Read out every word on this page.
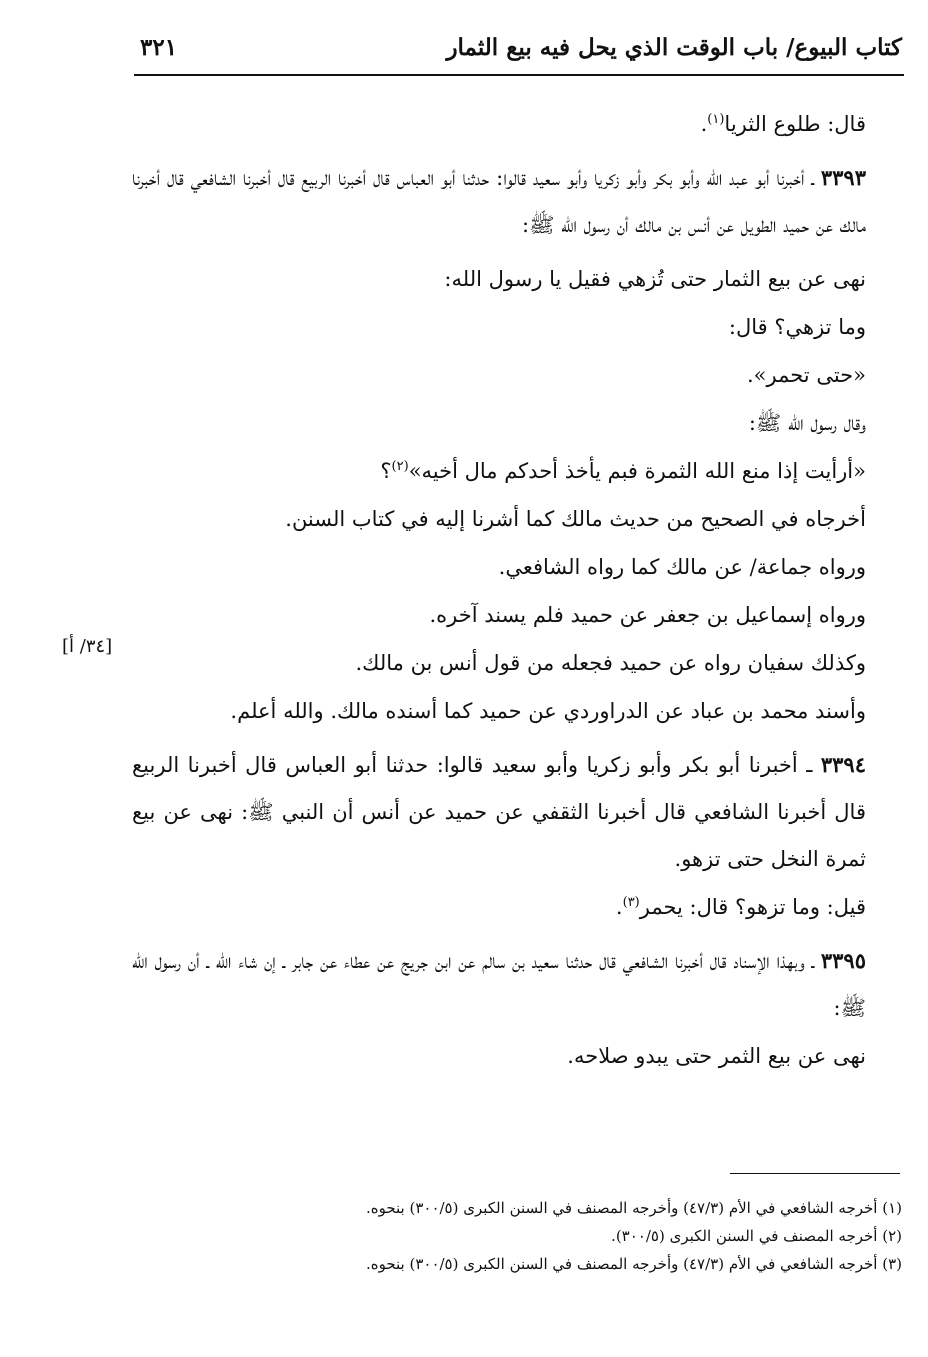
كتاب البيوع/ باب الوقت الذي يحل فيه بيع الثمار
٣٢١
[٣٤/ أ]

قال: طلوع الثريا$^{(١)}$.

٣٣٩٣ ـ أخبرنا أبو عبد الله وأبو بكر وأبو زكريا وأبو سعيد قالوا: حدثنا أبو العباس قال أخبرنا الربيع قال أخبرنا الشافعي قال أخبرنا مالك عن حميد الطويل عن أنس بن مالك أن رسول الله ﷺ:

نهى عن بيع الثمار حتى تُزهي فقيل يا رسول الله:

وما تزهي؟ قال:

«حتى تحمر».

وقال رسول الله ﷺ:

«أرأيت إذا منع الله الثمرة فبم يأخذ أحدكم مال أخيه»$^{(٢)}$؟

أخرجاه في الصحيح من حديث مالك كما أشرنا إليه في كتاب السنن.

ورواه جماعة/ عن مالك كما رواه الشافعي.

ورواه إسماعيل بن جعفر عن حميد فلم يسند آخره.

وكذلك سفيان رواه عن حميد فجعله من قول أنس بن مالك.

وأسند محمد بن عباد عن الدراوردي عن حميد كما أسنده مالك. والله أعلم.

٣٣٩٤ ـ أخبرنا أبو بكر وأبو زكريا وأبو سعيد قالوا: حدثنا أبو العباس قال أخبرنا الربيع قال أخبرنا الشافعي قال أخبرنا الثقفي عن حميد عن أنس أن النبي ﷺ: نهى عن بيع ثمرة النخل حتى تزهو.

قيل: وما تزهو؟ قال: يحمر$^{(٣)}$.

٣٣٩٥ ـ وبهذا الإسناد قال أخبرنا الشافعي قال حدثنا سعيد بن سالم عن ابن جريج عن عطاء عن جابر ـ إن شاء الله ـ أن رسول الله ﷺ:

نهى عن بيع الثمر حتى يبدو صلاحه.

(١) أخرجه الشافعي في الأم (٤٧/٣) وأخرجه المصنف في السنن الكبرى (٣٠٠/٥) بنحوه.

(٢) أخرجه المصنف في السنن الكبرى (٣٠٠/٥).

(٣) أخرجه الشافعي في الأم (٤٧/٣) وأخرجه المصنف في السنن الكبرى (٣٠٠/٥) بنحوه.
